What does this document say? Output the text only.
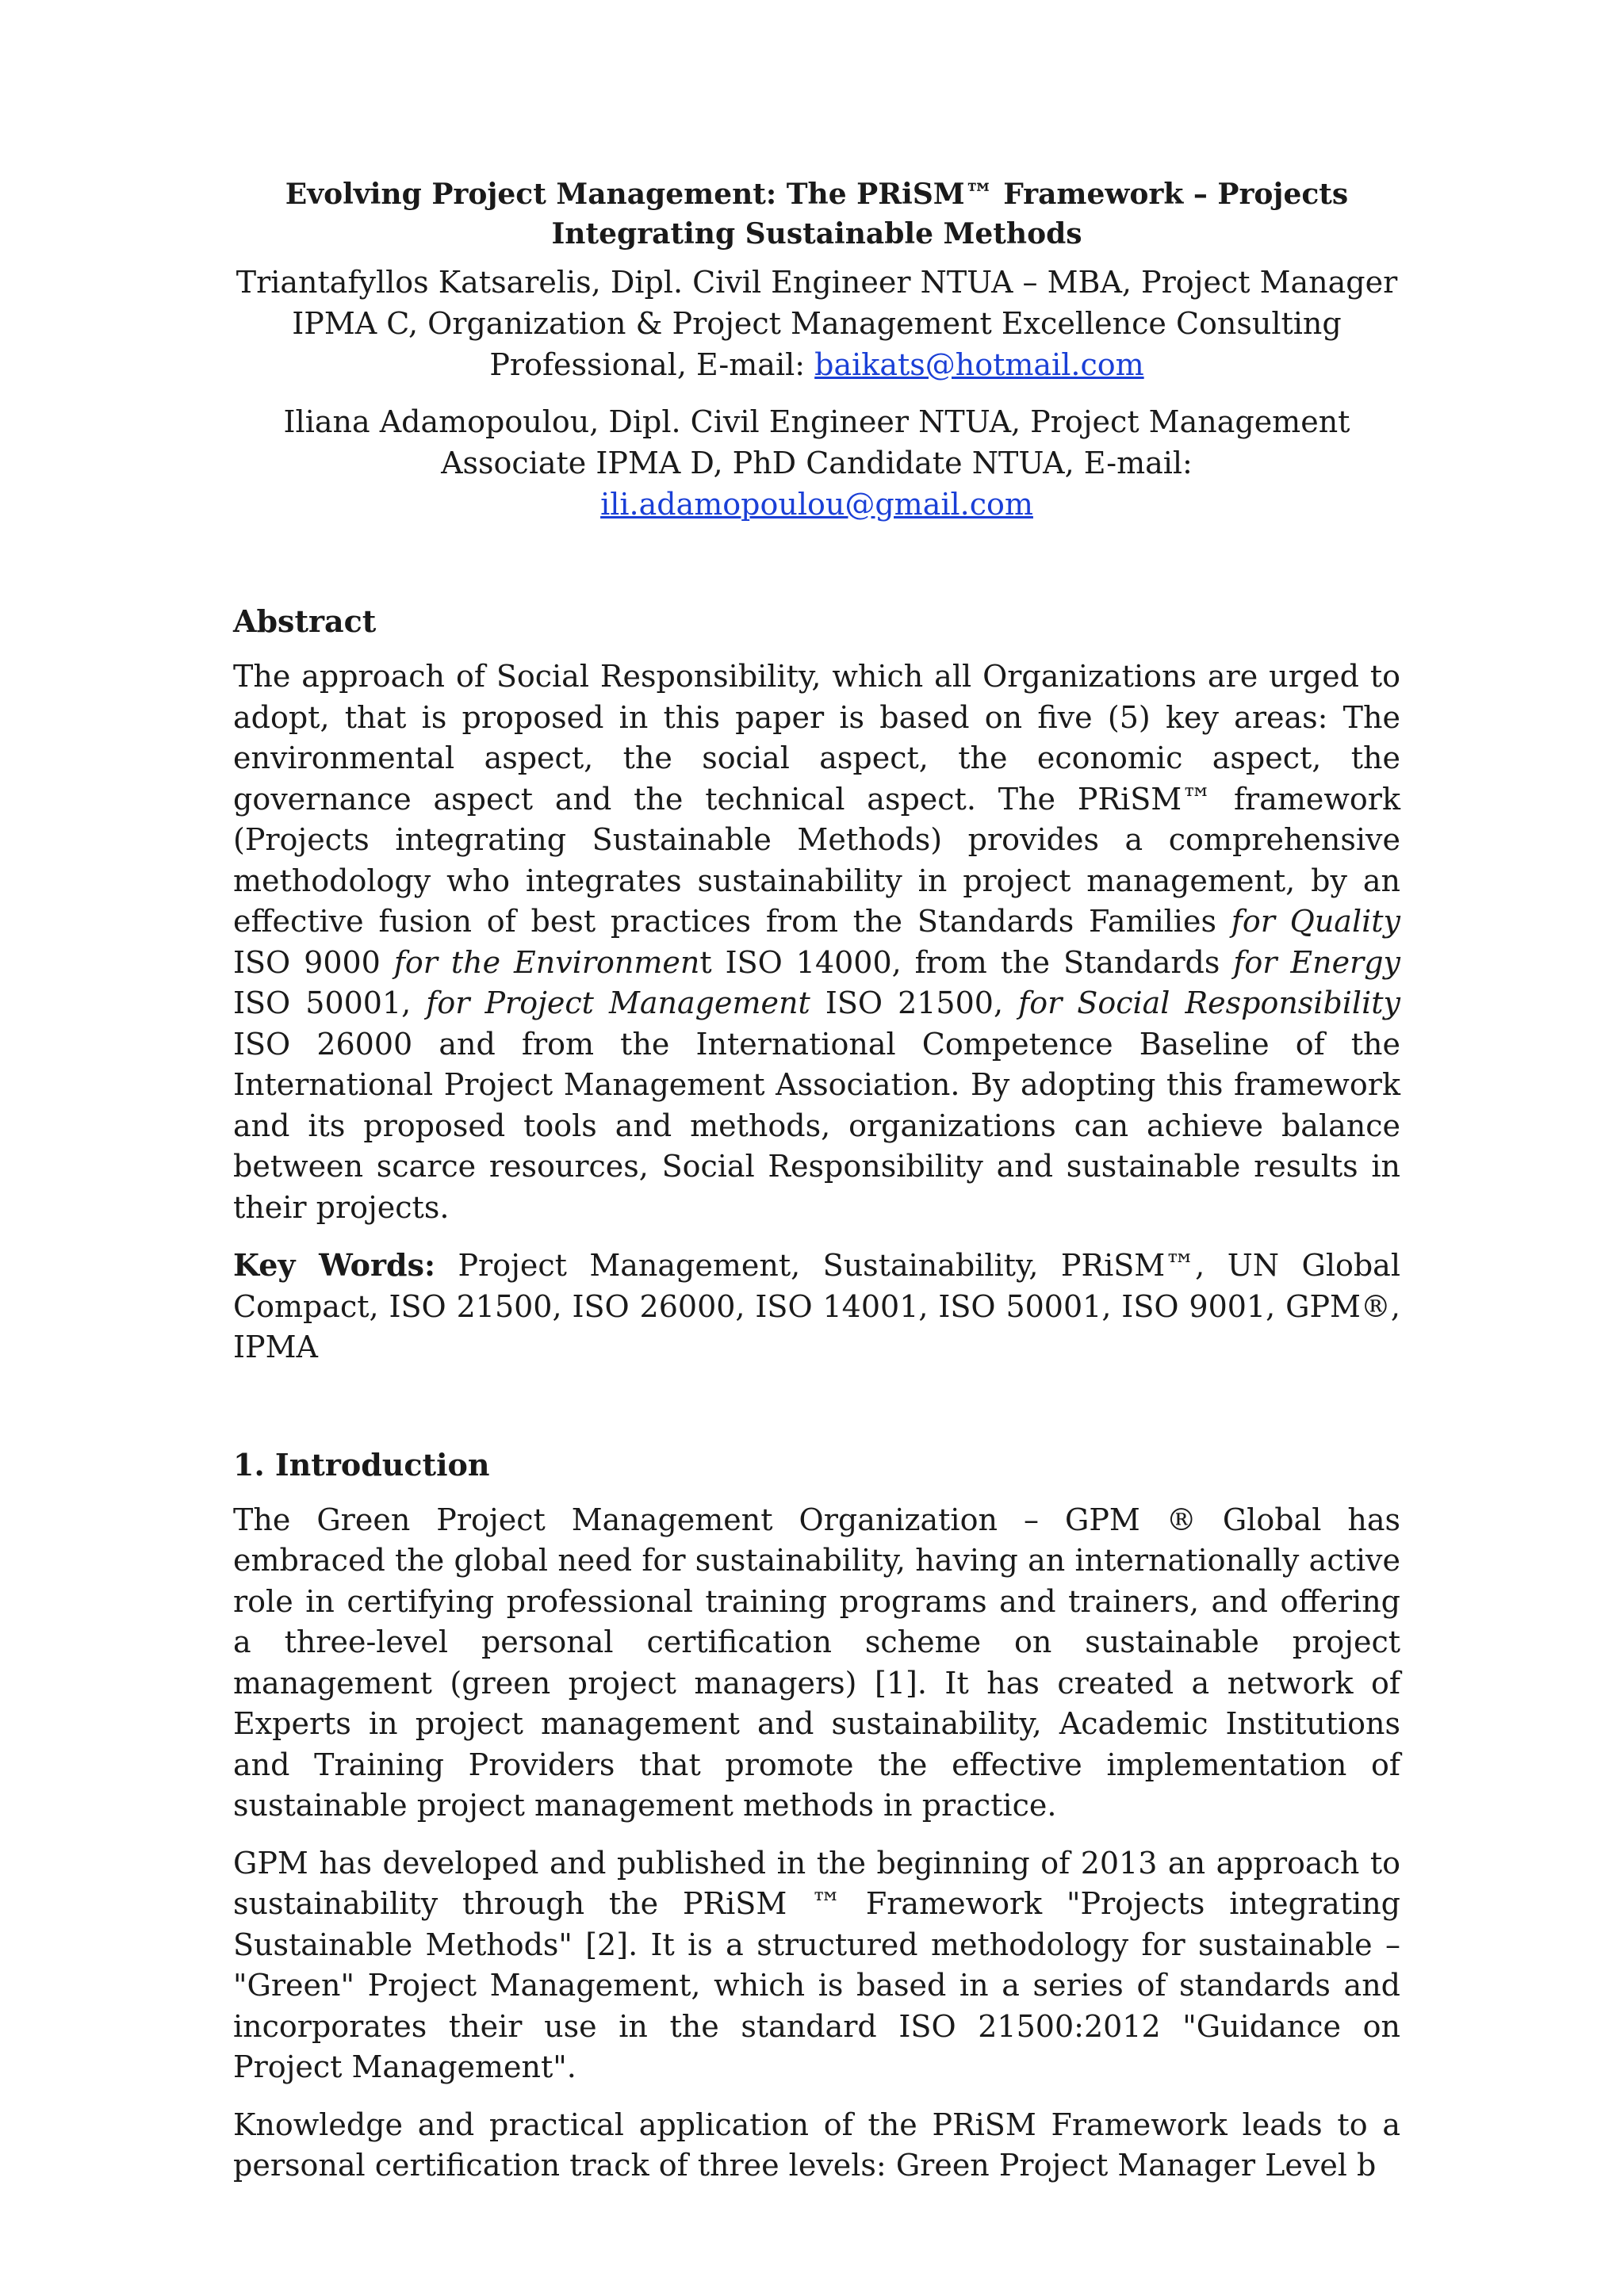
Evolving Project Management: The PRiSM™ Framework – Projects Integrating Sustainable Methods

Triantafyllos Katsarelis, Dipl. Civil Engineer NTUA – MBA, Project Manager IPMA C, Organization & Project Management Excellence Consulting Professional, E-mail: baikats@hotmail.com

Iliana Adamopoulou, Dipl. Civil Engineer NTUA, Project Management Associate IPMA D, PhD Candidate NTUA, E-mail: ili.adamopoulou@gmail.com

Abstract

The approach of Social Responsibility, which all Organizations are urged to adopt, that is proposed in this paper is based on five (5) key areas: The environmental aspect, the social aspect, the economic aspect, the governance aspect and the technical aspect. The PRiSM™ framework (Projects integrating Sustainable Methods) provides a comprehensive methodology who integrates sustainability in project management, by an effective fusion of best practices from the Standards Families for Quality ISO 9000 for the Environment ISO 14000, from the Standards for Energy ISO 50001, for Project Management ISO 21500, for Social Responsibility ISO 26000 and from the International Competence Baseline of the International Project Management Association. By adopting this framework and its proposed tools and methods, organizations can achieve balance between scarce resources, Social Responsibility and sustainable results in their projects.

Key Words: Project Management, Sustainability, PRiSM™, UN Global Compact, ISO 21500, ISO 26000, ISO 14001, ISO 50001, ISO 9001, GPM®, IPMA

1. Introduction

The Green Project Management Organization – GPM ® Global has embraced the global need for sustainability, having an internationally active role in certifying professional training programs and trainers, and offering a three-level personal certification scheme on sustainable project management (green project managers) [1]. It has created a network of Experts in project management and sustainability, Academic Institutions and Training Providers that promote the effective implementation of sustainable project management methods in practice.

GPM has developed and published in the beginning of 2013 an approach to sustainability through the PRiSM ™ Framework "Projects integrating Sustainable Methods" [2]. It is a structured methodology for sustainable – "Green" Project Management, which is based in a series of standards and incorporates their use in the standard ISO 21500:2012 "Guidance on Project Management".

Knowledge and practical application of the PRiSM Framework leads to a personal certification track of three levels: Green Project Manager Level b
